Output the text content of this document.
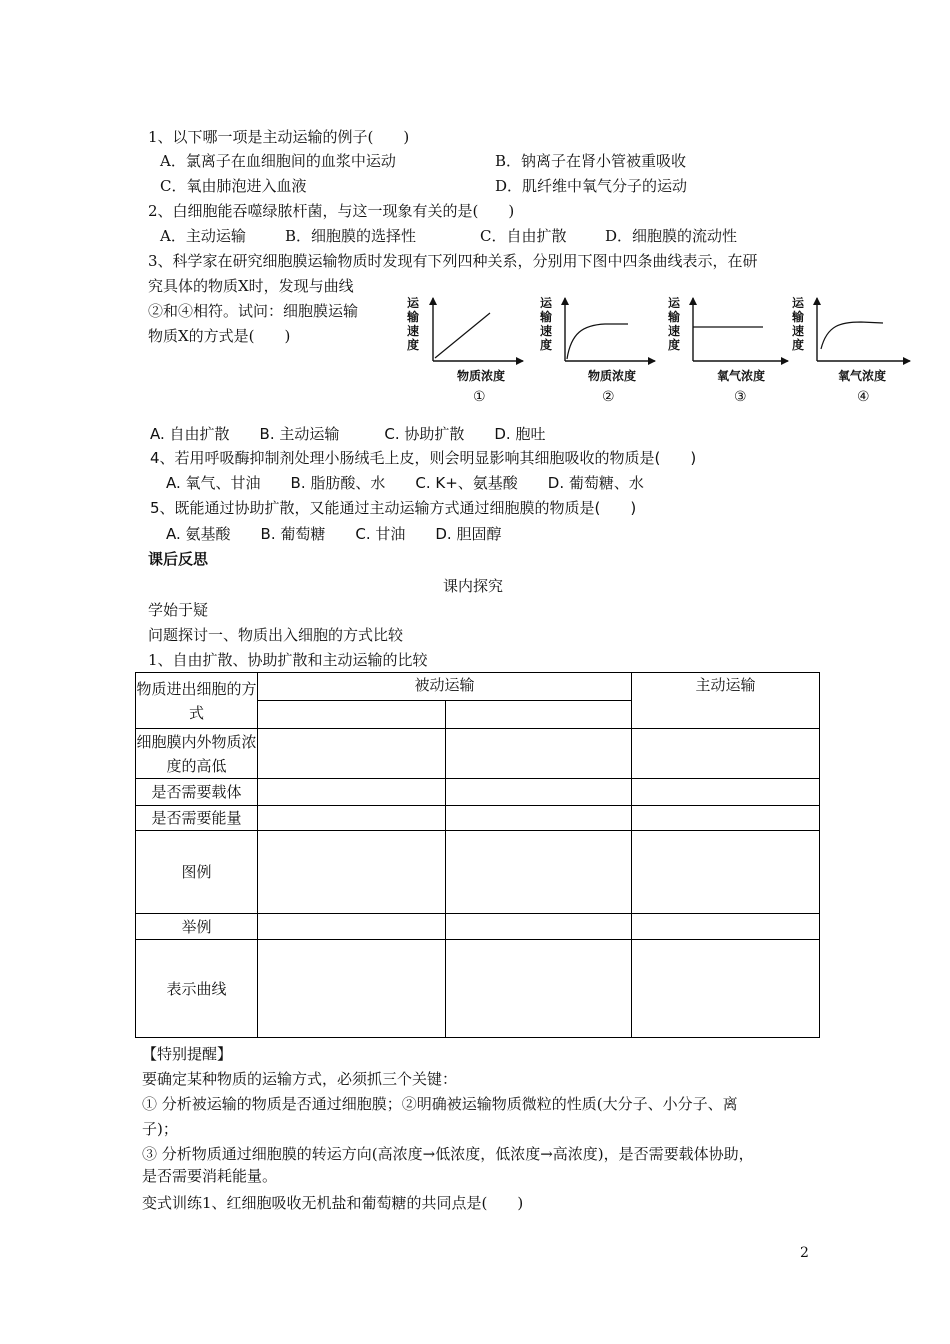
1、以下哪一项是主动运输的例子(　　)
A．氯离子在血细胞间的血浆中运动	B．钠离子在肾小管被重吸收
C．氧由肺泡进入血液	D．肌纤维中氧气分子的运动
2、白细胞能吞噬绿脓杆菌，与这一现象有关的是(　　)
A．主动运输	B．细胞膜的选择性	C．自由扩散	D．细胞膜的流动性
3、科学家在研究细胞膜运输物质时发现有下列四种关系，分别用下图中四条曲线表示，在研
究具体的物质X时，发现与曲线
②和④相符。试问：细胞膜运输
物质X的方式是(　　)
运
输
速
度
物质浓度
①
运
输
速
度
物质浓度
②
运
输
速
度
氧气浓度
③
运
输
速
度
氧气浓度
④
A. 自由扩散　　B. 主动运输　　　C. 协助扩散　　D. 胞吐
4、若用呼吸酶抑制剂处理小肠绒毛上皮，则会明显影响其细胞吸收的物质是(　　)
A. 氧气、甘油　　B. 脂肪酸、水　　C. K+、氨基酸　　D. 葡萄糖、水
5、既能通过协助扩散，又能通过主动运输方式通过细胞膜的物质是(　　)
A. 氨基酸　　B. 葡萄糖　　C. 甘油　　D. 胆固醇
课后反思
课内探究
学始于疑
问题探讨一、物质出入细胞的方式比较
1、自由扩散、协助扩散和主动运输的比较
物质进出细胞的方式	被动运输		主动运输

细胞膜内外物质浓度的高低			
是否需要载体			
是否需要能量			
图例			
举例			
表示曲线			
【特别提醒】
要确定某种物质的运输方式，必须抓三个关键：
① 分析被运输的物质是否通过细胞膜；②明确被运输物质微粒的性质(大分子、小分子、离
子)；
③ 分析物质通过细胞膜的转运方向(高浓度→低浓度，低浓度→高浓度)，是否需要载体协助，
是否需要消耗能量。
变式训练1、红细胞吸收无机盐和葡萄糖的共同点是(　　)
2
